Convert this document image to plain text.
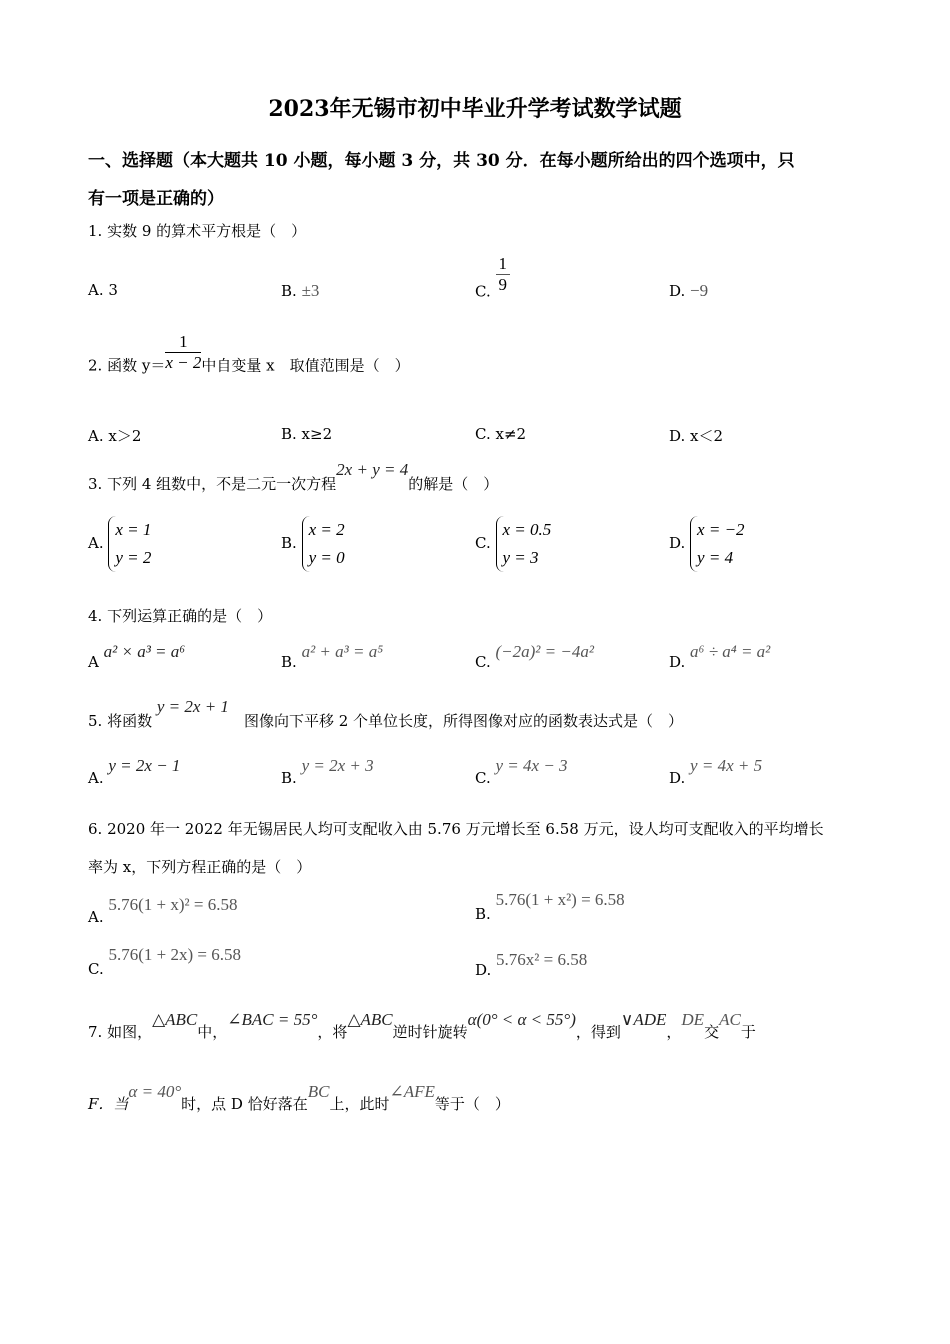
2023年无锡市初中毕业升学考试数学试题
一、选择题（本大题共 10 小题，每小题 3 分，共 30 分．在每小题所给出的四个选项中，只
有一项是正确的）
1. 实数 9 的算术平方根是（　）
A. 3	B. ±3	C. $\frac{1}{9}$	D. −9
2. 函数 $y= \frac{1}{x - 2}$ 中自变量 x　取值范围是（　）
A. x＞2	B. x≥2	C. x≠2	D. x＜2
3. 下列 4 组数中，不是二元一次方程2x + y = 4的解是（　）
A.
x = 1
y = 2
B.
x = 2
y = 0
C.
x = 0.5
y = 3
D.
x = −2
y = 4
4. 下列运算正确的是（　）
A a² × a³ = a⁶
B. a² + a³ = a⁵
C. (−2a)² = −4a²
D. a⁶ ÷ a⁴ = a²
5. 将函数 y = 2x + 1　图像向下平移 2 个单位长度，所得图像对应的函数表达式是（　）
A. y = 2x − 1
B. y = 2x + 3
C. y = 4x − 3
D. y = 4x + 5
6. 2020 年一 2022 年无锡居民人均可支配收入由 5.76 万元增长至 6.58 万元，设人均可支配收入的平均增长
率为 x，下列方程正确的是（　）
A. 5.76(1 + x)² = 6.58	B. 5.76(1 + x²) = 6.58
C. 5.76(1 + 2x) = 6.58
D. 5.76x² = 6.58
7. 如图，△ABC中，∠BAC = 55°，将△ABC逆时针旋转α(0° < α < 55°)，得到∨ADE，DE交AC于
F．当α = 40°时，点 D 恰好落在BC上，此时∠AFE等于（　）
